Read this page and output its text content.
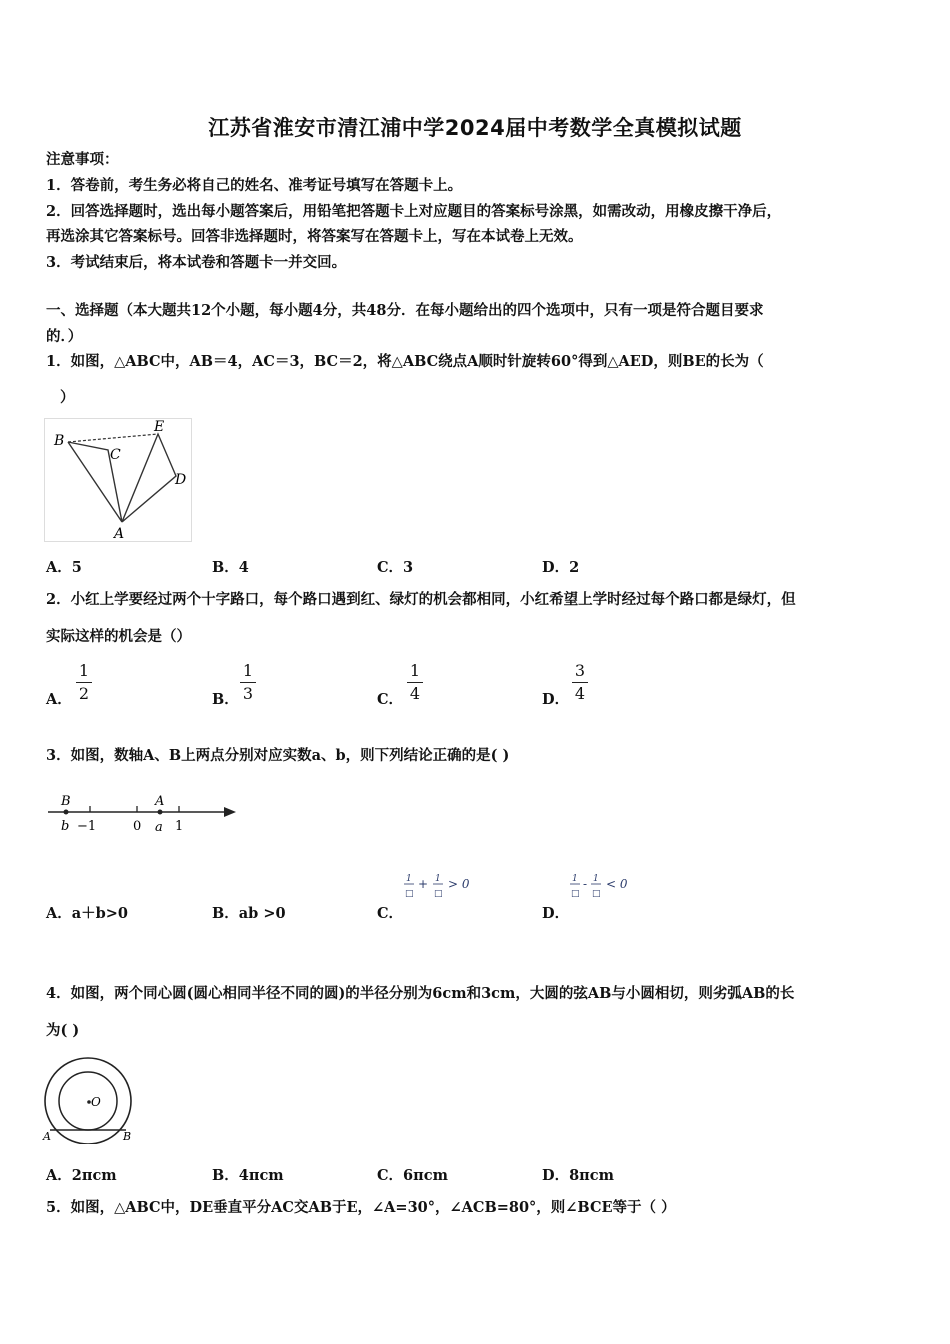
江苏省淮安市清江浦中学2024届中考数学全真模拟试题
注意事项：
1．答卷前，考生务必将自己的姓名、准考证号填写在答题卡上。
2．回答选择题时，选出每小题答案后，用铅笔把答题卡上对应题目的答案标号涂黑，如需改动，用橡皮擦干净后，
再选涂其它答案标号。回答非选择题时，将答案写在答题卡上，写在本试卷上无效。
3．考试结束后，将本试卷和答题卡一并交回。
一、选择题（本大题共12个小题，每小题4分，共48分．在每小题给出的四个选项中，只有一项是符合题目要求
的．）
1．如图，△ABC中，AB＝4，AC＝3，BC＝2，将△ABC绕点A顺时针旋转60°得到△AED，则BE的长为（
）
B
C
E
D
A
A．5	B．4	C．3	D．2
2．小红上学要经过两个十字路口，每个路口遇到红、绿灯的机会都相同，小红希望上学时经过每个路口都是绿灯，但
实际这样的机会是（）
A．
1
2	B．
1
3	C．
1
4	D．
3
4
3．如图，数轴A、B上两点分别对应实数a、b，则下列结论正确的是( )
B	A
b −1	0 a 1
1
□
+ 1
□
> 0	1
□
- 1
□
< 0
A．a＋b>0	B．ab >0	C．	D．
4．如图，两个同心圆(圆心相同半径不同的圆)的半径分别为6cm和3cm，大圆的弦AB与小圆相切，则劣弧AB的长
为( )
O
A	B
A．2πcm	B．4πcm	C．6πcm	D．8πcm
5．如图，△ABC中，DE垂直平分AC交AB于E，∠A=30°，∠ACB=80°，则∠BCE等于（ ）
